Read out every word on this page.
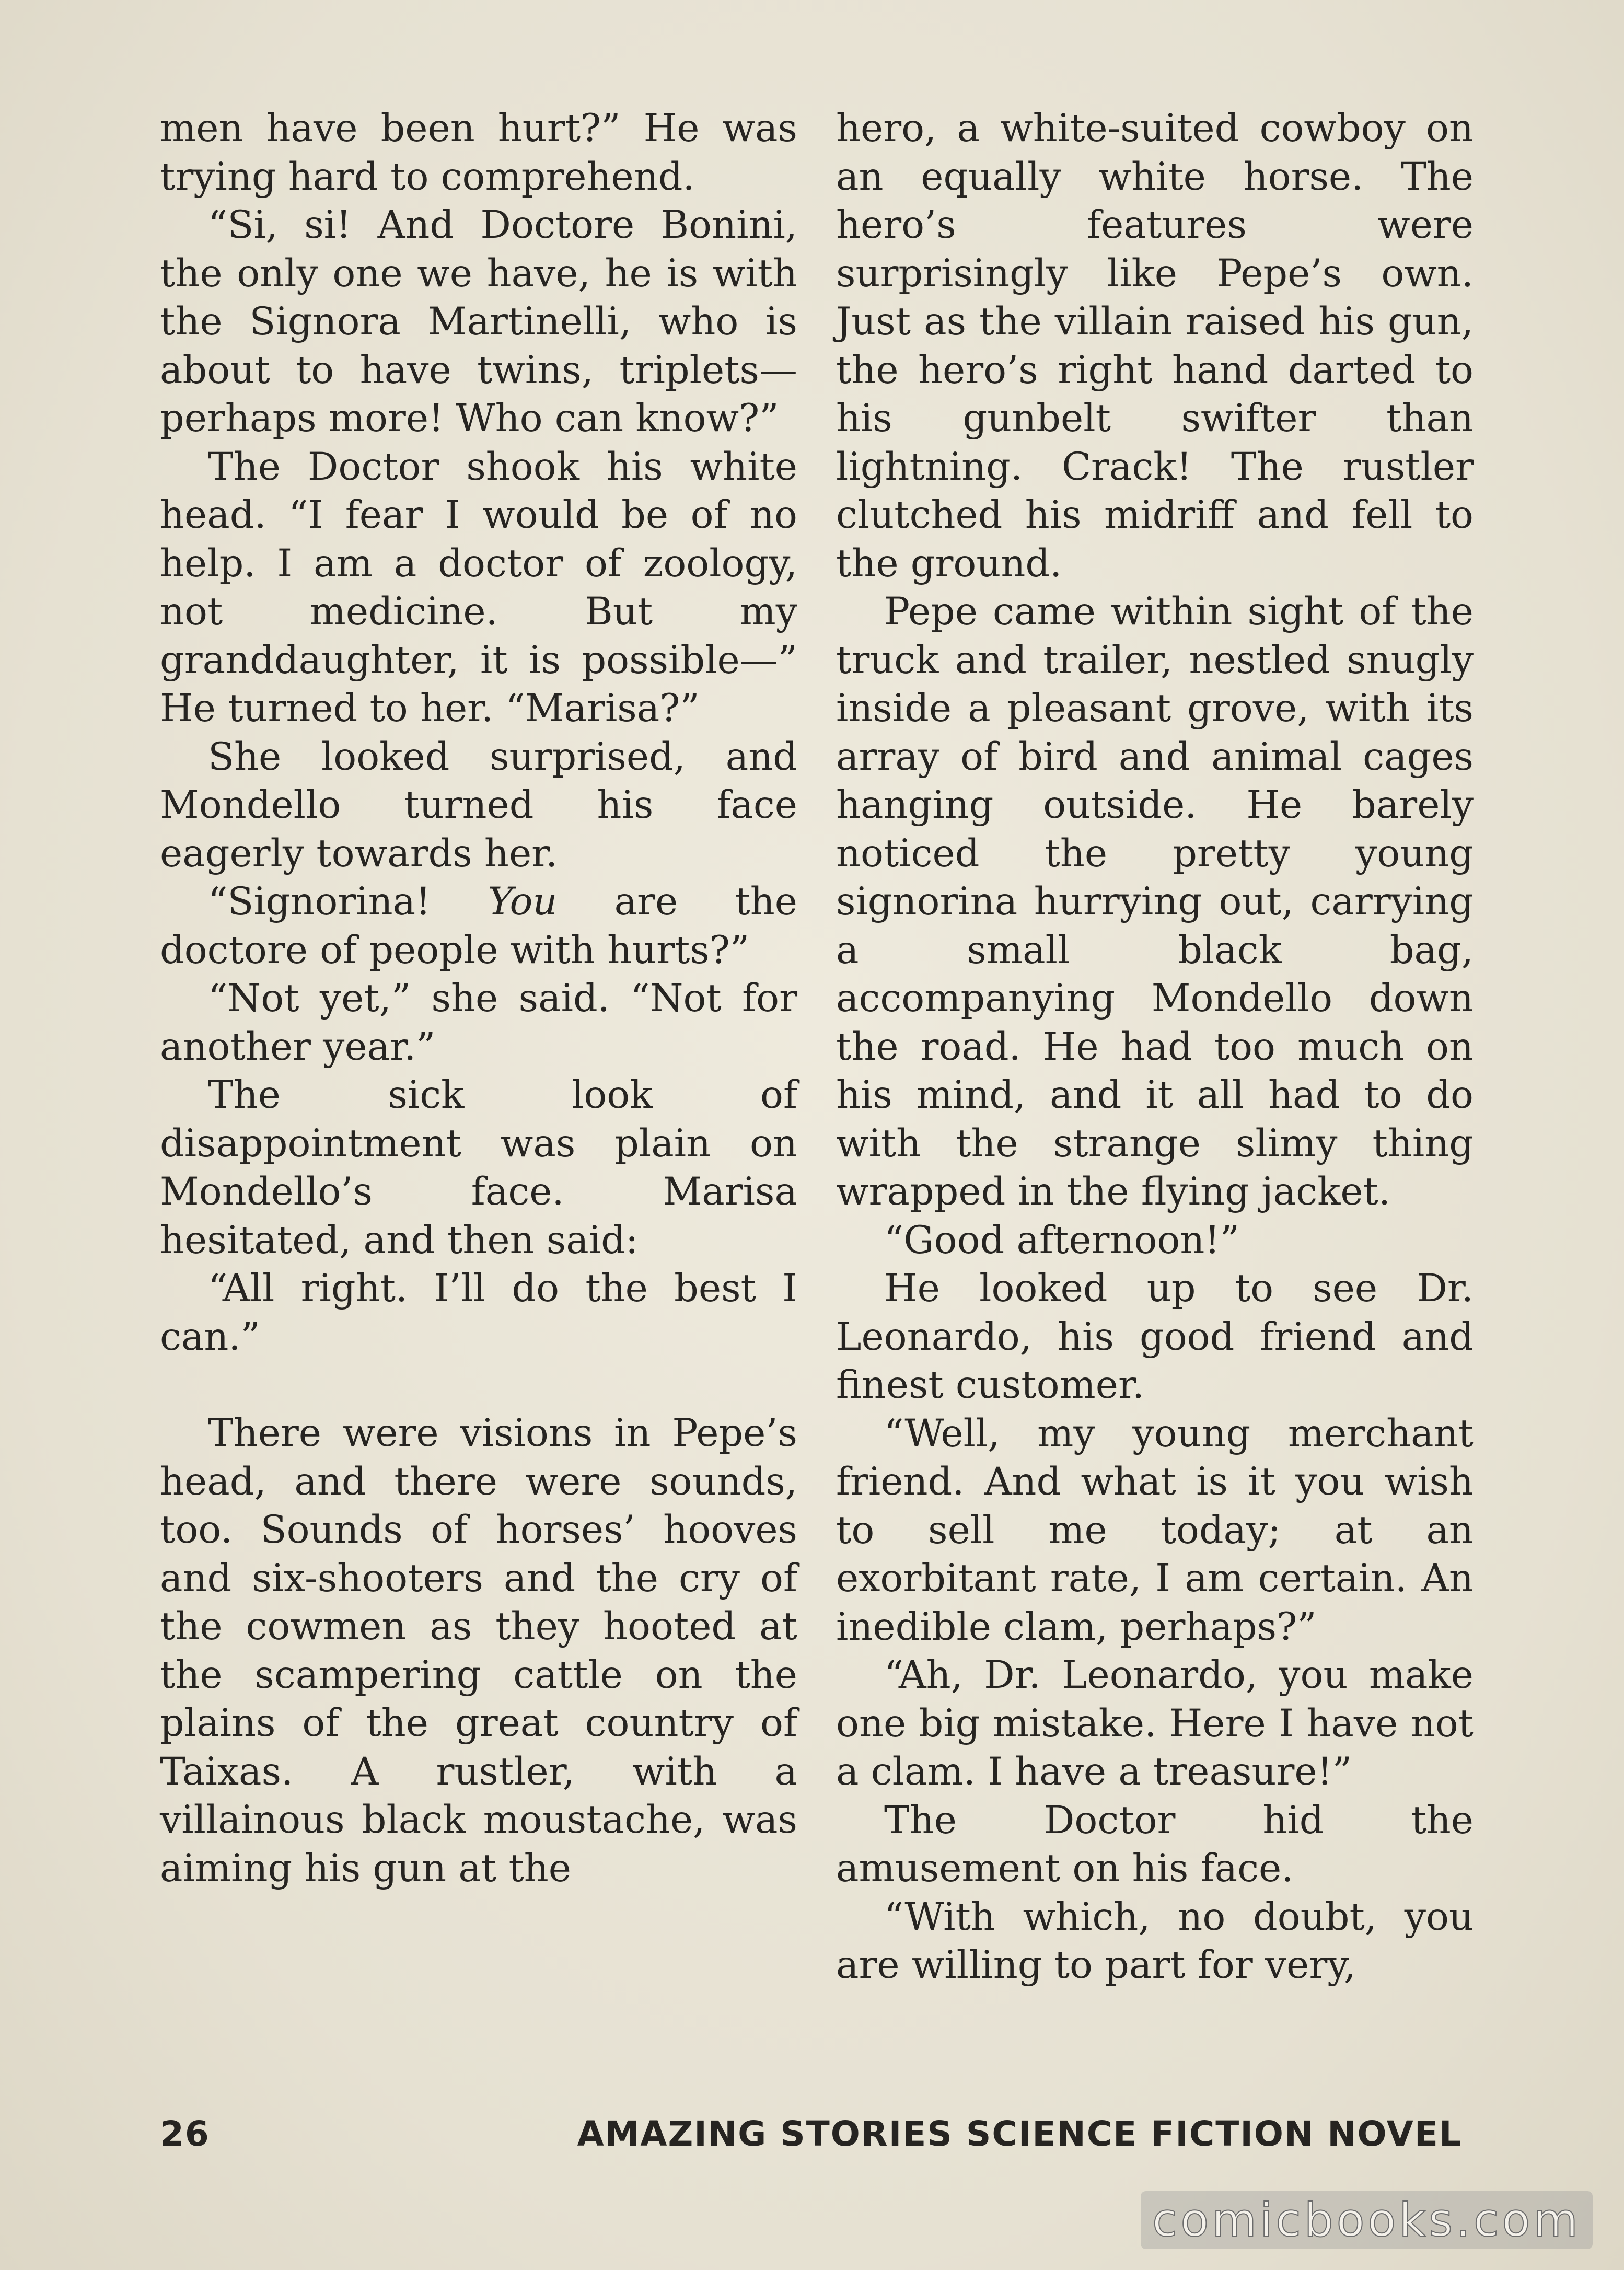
men have been hurt?” He was trying hard to comprehend.

“Si, si! And Doctore Bonini, the only one we have, he is with the Signora Martinelli, who is about to have twins, triplets—perhaps more! Who can know?”

The Doctor shook his white head. “I fear I would be of no help. I am a doctor of zoology, not medicine. But my granddaughter, it is possible—” He turned to her. “Marisa?”

She looked surprised, and Mondello turned his face eagerly towards her.

“Signorina! You are the doctore of people with hurts?”

“Not yet,” she said. “Not for another year.”

The sick look of disappointment was plain on Mondello’s face. Marisa hesitated, and then said:

“All right. I’ll do the best I can.”

There were visions in Pepe’s head, and there were sounds, too. Sounds of horses’ hooves and six-shooters and the cry of the cowmen as they hooted at the scampering cattle on the plains of the great country of Taixas. A rustler, with a villainous black moustache, was aiming his gun at the

hero, a white-suited cowboy on an equally white horse. The hero’s features were surprisingly like Pepe’s own. Just as the villain raised his gun, the hero’s right hand darted to his gunbelt swifter than lightning. Crack! The rustler clutched his midriff and fell to the ground.

Pepe came within sight of the truck and trailer, nestled snugly inside a pleasant grove, with its array of bird and animal cages hanging outside. He barely noticed the pretty young signorina hurrying out, carrying a small black bag, accompanying Mondello down the road. He had too much on his mind, and it all had to do with the strange slimy thing wrapped in the flying jacket.

“Good afternoon!”

He looked up to see Dr. Leonardo, his good friend and finest customer.

“Well, my young merchant friend. And what is it you wish to sell me today; at an exorbitant rate, I am certain. An inedible clam, perhaps?”

“Ah, Dr. Leonardo, you make one big mistake. Here I have not a clam. I have a treasure!”

The Doctor hid the amusement on his face.

“With which, no doubt, you are willing to part for very,

26	AMAZING STORIES SCIENCE FICTION NOVEL
comicbooks.com
